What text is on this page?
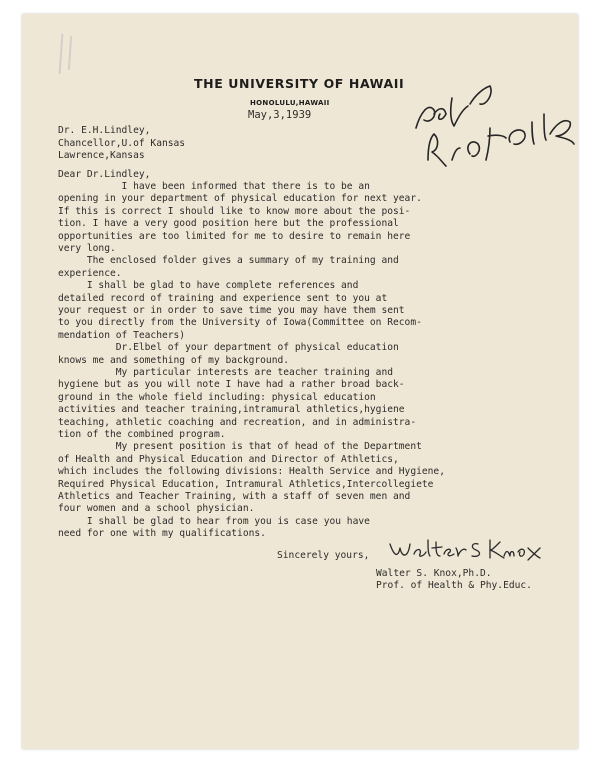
THE UNIVERSITY OF HAWAII
HONOLULU,HAWAII
May,3,1939
Dr. E.H.Lindley,
Chancellor,U.of Kansas
Lawrence,Kansas
Dear Dr.Lindley,
I have been informed that there is to be an
opening in your department of physical education for next year.
If this is correct I should like to know more about the posi-
tion. I have a very good position here but the professional
opportunities are too limited for me to desire to remain here
very long.
The enclosed folder gives a summary of my training and
experience.
I shall be glad to have complete references and
detailed record of training and experience sent to you at
your request or in order to save time you may have them sent
to you directly from the University of Iowa(Committee on Recom-
mendation of Teachers)
Dr.Elbel of your department of physical education
knows me and something of my background.
My particular interests are teacher training and
hygiene but as you will note I have had a rather broad back-
ground in the whole field including: physical education
activities and teacher training,intramural athletics,hygiene
teaching, athletic coaching and recreation, and in administra-
tion of the combined program.
My present position is that of head of the Department
of Health and Physical Education and Director of Athletics,
which includes the following divisions: Health Service and Hygiene,
Required Physical Education, Intramural Athletics,Intercollegiete
Athletics and Teacher Training, with a staff of seven men and
four women and a school physician.
I shall be glad to hear from you is case you have
need for one with my qualifications.
Sincerely yours,
Walter S. Knox,Ph.D.
Prof. of Health & Phy.Educ.
